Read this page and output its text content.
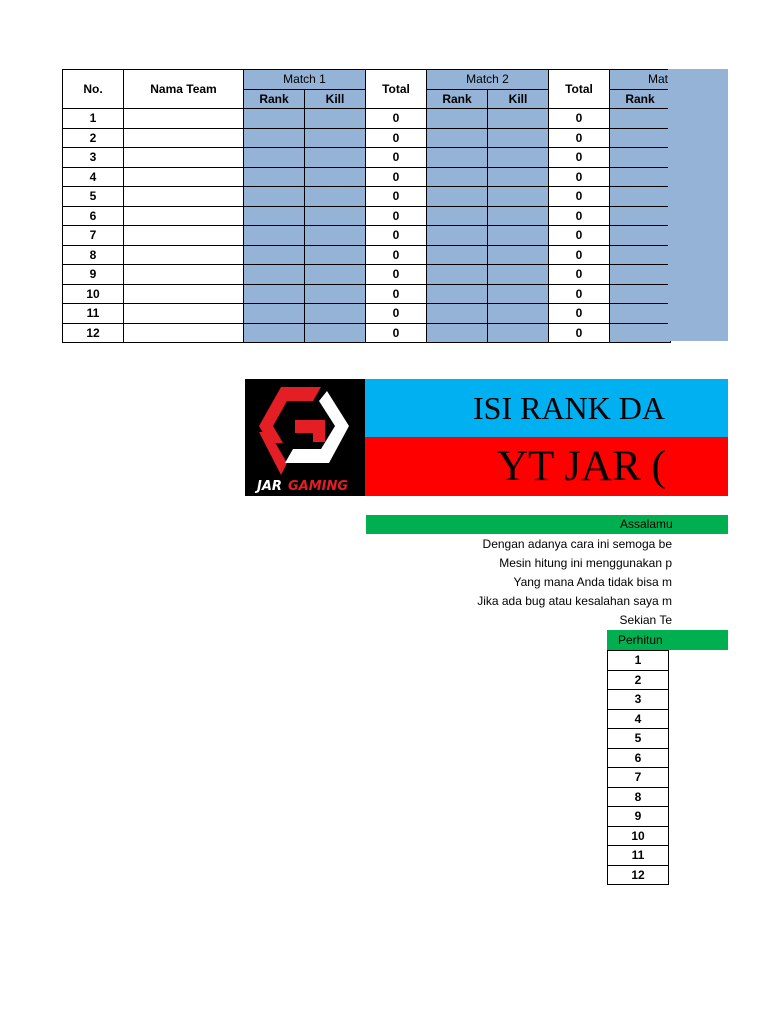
No.	Nama Team	Match 1		Total	Match 2		Total	Mat
		Rank	Kill		Rank	Kill		Rank
1				0			0	
2				0			0	
3				0			0	
4				0			0	
5				0			0	
6				0			0	
7				0			0	
8				0			0	
9				0			0	
10				0			0	
11				0			0	
12				0			0	
JAR GAMING
ISI RANK DA
YT JAR (
Assalamu
Dengan adanya cara ini semoga be
Mesin hitung ini menggunakan p
Yang mana Anda tidak bisa m
Jika ada bug atau kesalahan saya m
Sekian Te
Perhitun

1
2
3
4
5
6
7
8
9
10
11
12
